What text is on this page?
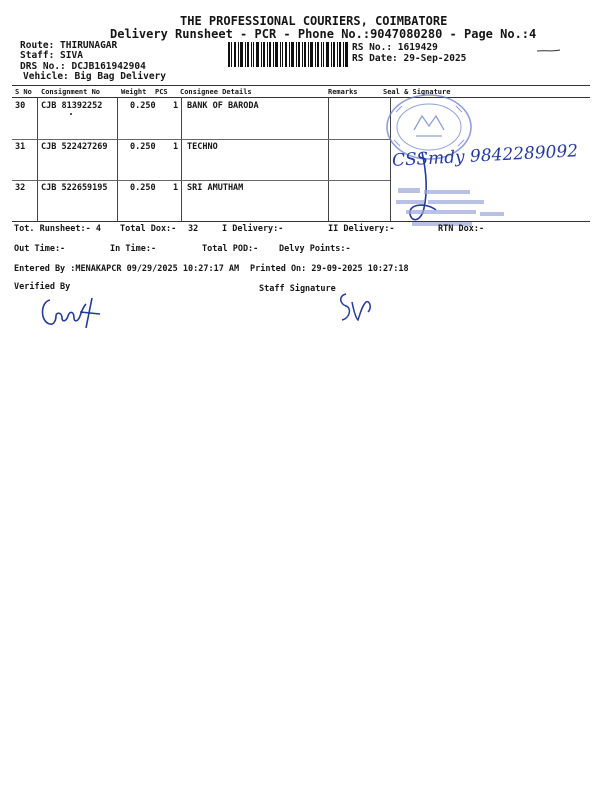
THE PROFESSIONAL COURIERS, COIMBATORE
Delivery Runsheet - PCR - Phone No.:9047080280 - Page No.:4
Route: THIRUNAGAR
Staff: SIVA
DRS No.: DCJB161942904
Vehicle: Big Bag Delivery
RS No.: 1619429
RS Date: 29-Sep-2025
S No Consignment No	Weight PCS Consignee Details	Remarks	Seal & Signature
30 CJB 81392252	0.250 1 BANK OF BARODA
31 CJB 522427269	0.250 1 TECHNO
32 CJB 522659195	0.250 1 SRI AMUTHAM
CSSmdy 9842289092
Tot. Runsheet:- 4 Total Dox:- 32	I Delivery:-	II Delivery:-	RTN Dox:-
Out Time:-	In Time:-	Total POD:- Delvy Points:-
Entered By :MENAKAPCR 09/29/2025 10:27:17 AM Printed On: 29-09-2025 10:27:18
Verified By	Staff Signature
